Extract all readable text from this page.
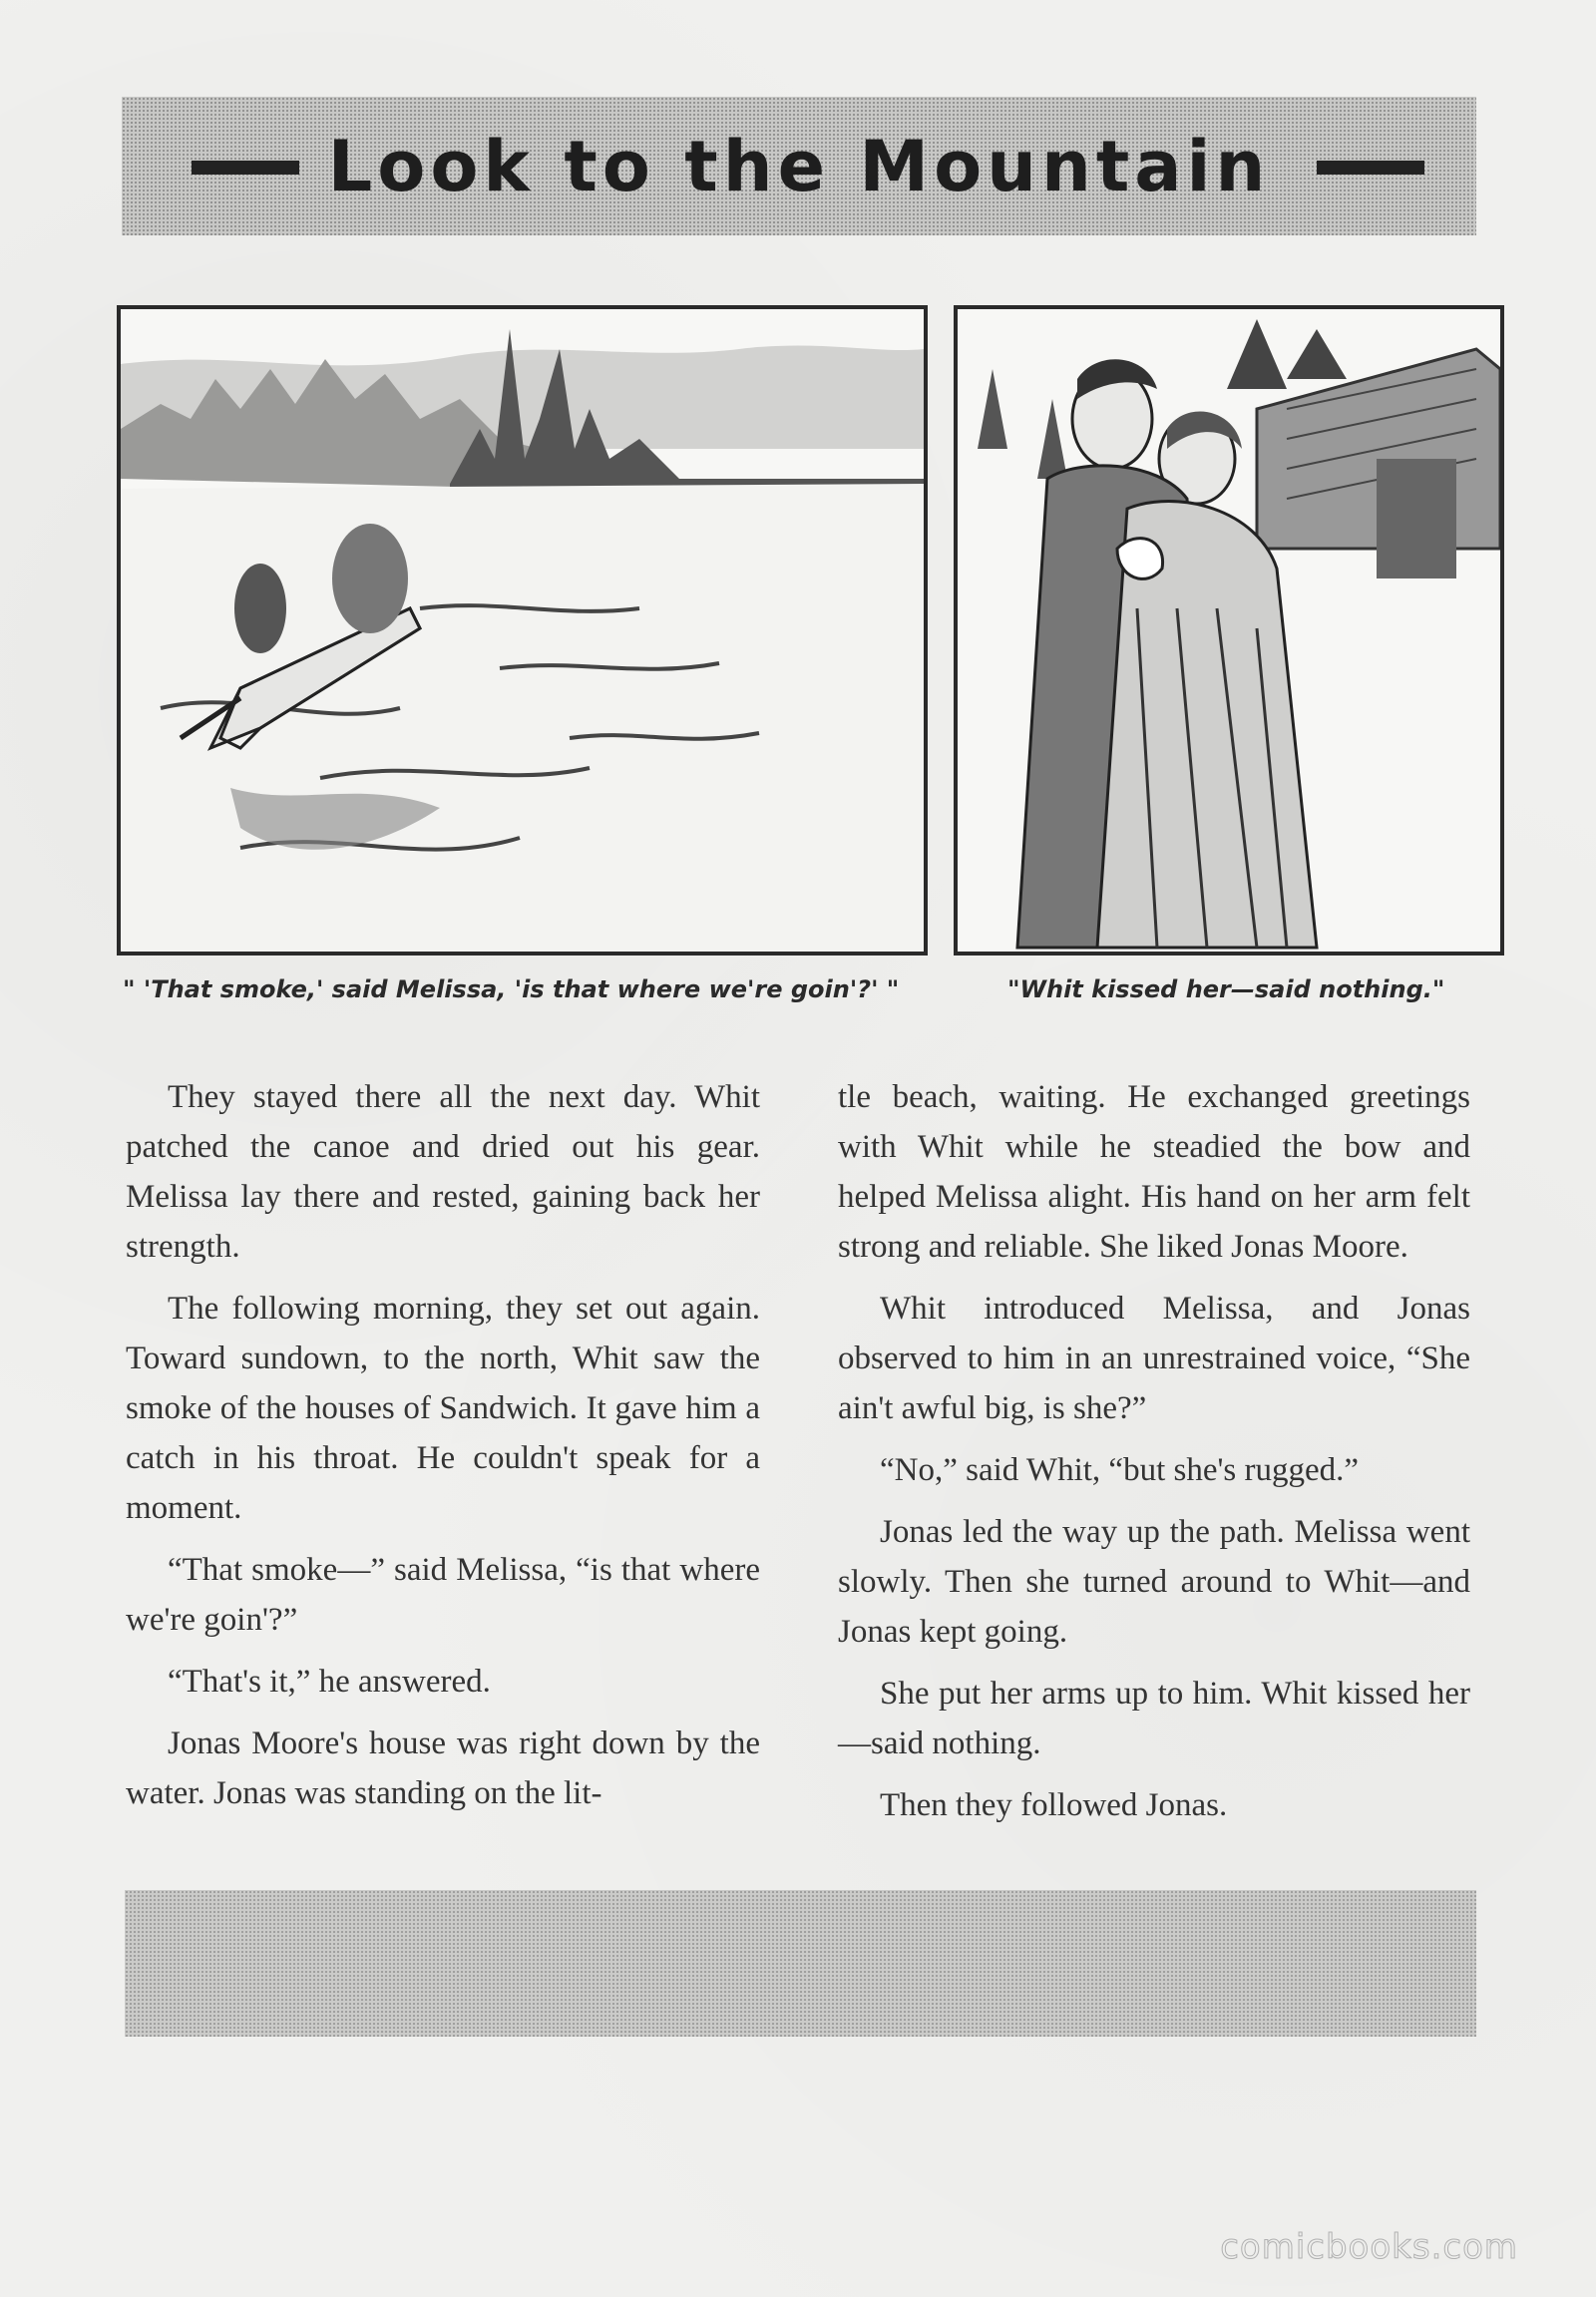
Look to the Mountain
" 'That smoke,' said Melissa, 'is that where we're goin'?' "	"Whit kissed her—said nothing."

They stayed there all the next day. Whit patched the canoe and dried out his gear. Melissa lay there and rested, gaining back her strength.

The following morning, they set out again. Toward sundown, to the north, Whit saw the smoke of the houses of Sandwich. It gave him a catch in his throat. He couldn't speak for a moment.

“That smoke—” said Melissa, “is that where we're goin'?”

“That's it,” he answered.

Jonas Moore's house was right down by the water. Jonas was standing on the lit-

tle beach, waiting. He exchanged greetings with Whit while he steadied the bow and helped Melissa alight. His hand on her arm felt strong and reliable. She liked Jonas Moore.

Whit introduced Melissa, and Jonas observed to him in an unrestrained voice, “She ain't awful big, is she?”

“No,” said Whit, “but she's rugged.”

Jonas led the way up the path. Melissa went slowly. Then she turned around to Whit—and Jonas kept going.

She put her arms up to him. Whit kissed her—said nothing.

Then they followed Jonas.

comicbooks.com
